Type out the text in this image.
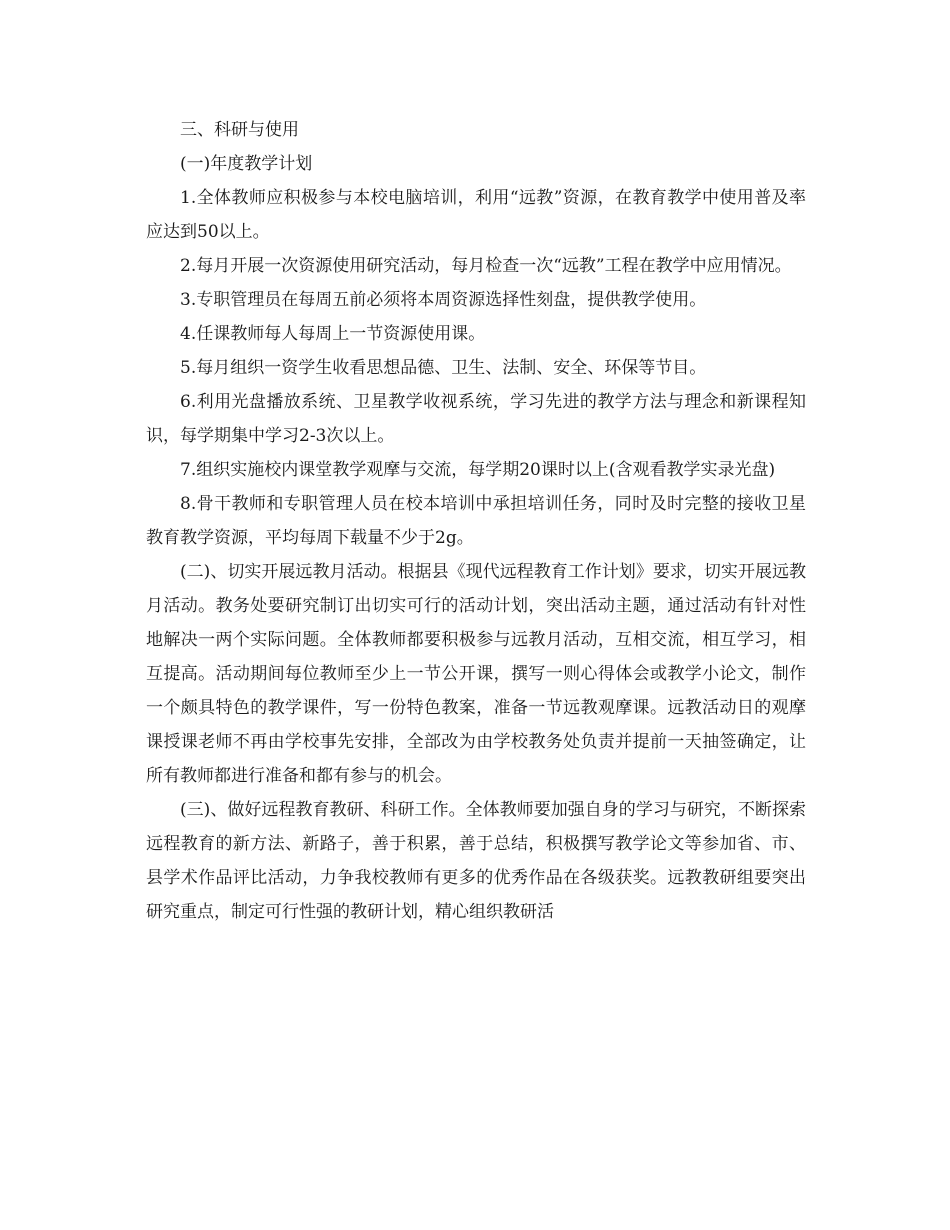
三、科研与使用

(一)年度教学计划

1.全体教师应积极参与本校电脑培训，利用“远教”资源，在教育教学中使用普及率应达到50以上。

2.每月开展一次资源使用研究活动，每月检查一次“远教”工程在教学中应用情况。

3.专职管理员在每周五前必须将本周资源选择性刻盘，提供教学使用。

4.任课教师每人每周上一节资源使用课。

5.每月组织一资学生收看思想品德、卫生、法制、安全、环保等节目。

6.利用光盘播放系统、卫星教学收视系统，学习先进的教学方法与理念和新课程知识，每学期集中学习2-3次以上。

7.组织实施校内课堂教学观摩与交流，每学期20课时以上(含观看教学实录光盘)

8.骨干教师和专职管理人员在校本培训中承担培训任务，同时及时完整的接收卫星教育教学资源，平均每周下载量不少于2g。

(二)、切实开展远教月活动。根据县《现代远程教育工作计划》要求，切实开展远教月活动。教务处要研究制订出切实可行的活动计划，突出活动主题，通过活动有针对性地解决一两个实际问题。全体教师都要积极参与远教月活动，互相交流，相互学习，相互提高。活动期间每位教师至少上一节公开课，撰写一则心得体会或教学小论文，制作一个颇具特色的教学课件，写一份特色教案，准备一节远教观摩课。远教活动日的观摩课授课老师不再由学校事先安排，全部改为由学校教务处负责并提前一天抽签确定，让所有教师都进行准备和都有参与的机会。

(三)、做好远程教育教研、科研工作。全体教师要加强自身的学习与研究，不断探索远程教育的新方法、新路子，善于积累，善于总结，积极撰写教学论文等参加省、市、县学术作品评比活动，力争我校教师有更多的优秀作品在各级获奖。远教教研组要突出研究重点，制定可行性强的教研计划，精心组织教研活
